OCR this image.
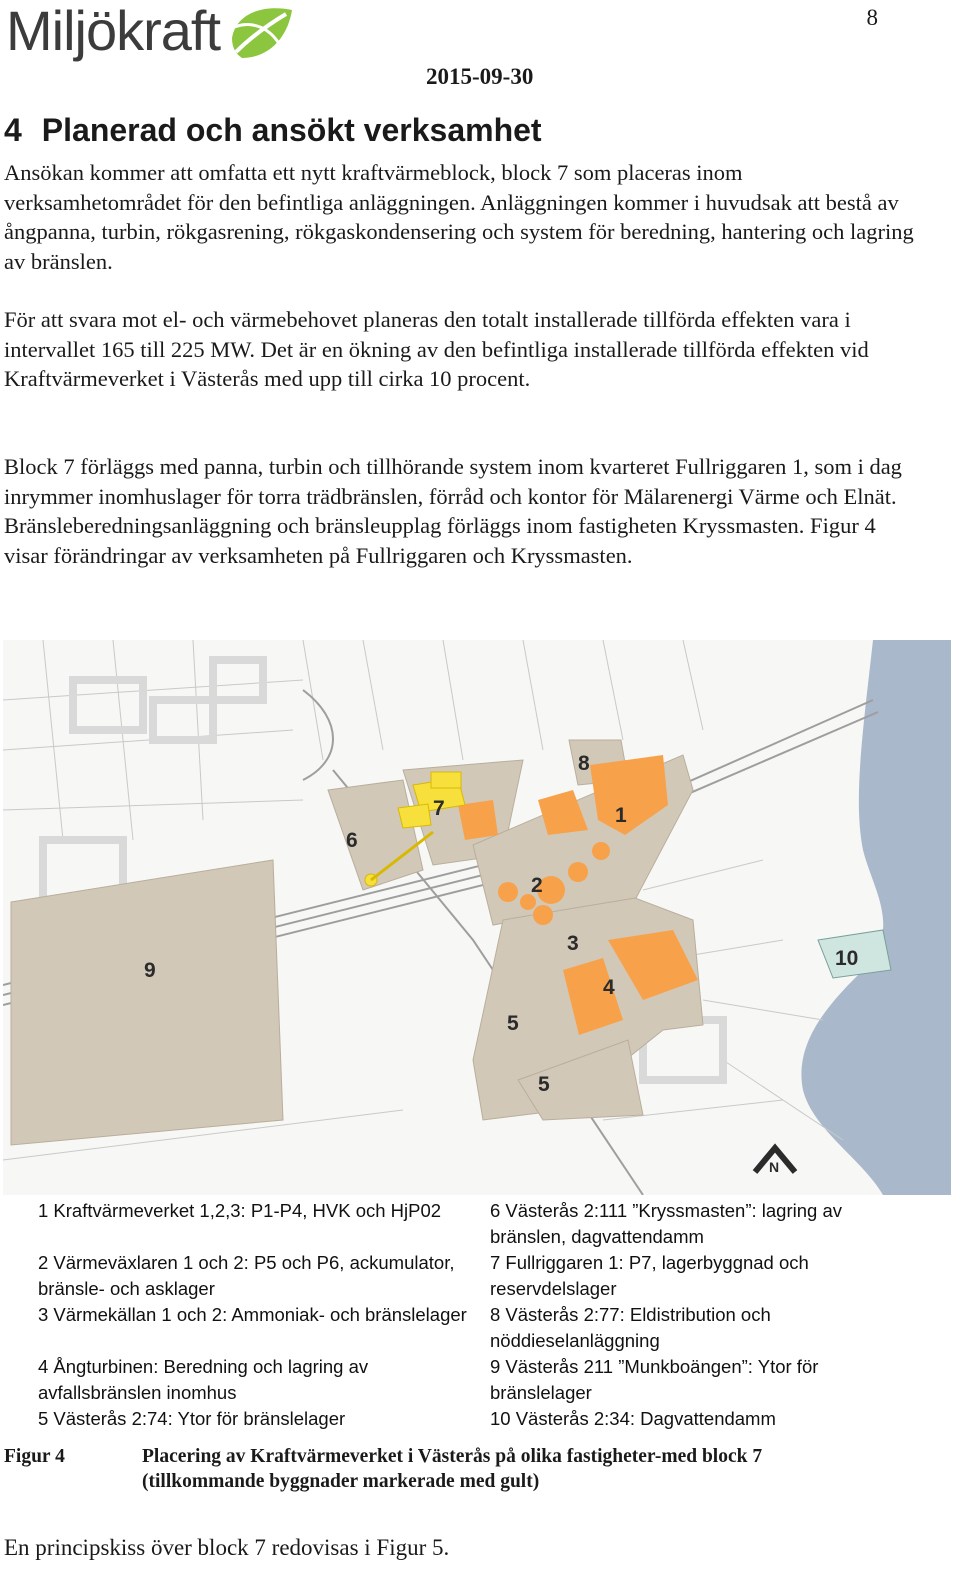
Miljökraft	8
2015-09-30
4 Planerad och ansökt verksamhet

Ansökan kommer att omfatta ett nytt kraftvärmeblock, block 7 som placeras inom verksamhetområdet för den befintliga anläggningen. Anläggningen kommer i huvudsak att bestå av ångpanna, turbin, rökgasrening, rökgaskondensering och system för beredning, hantering och lagring av bränslen.

För att svara mot el- och värmebehovet planeras den totalt installerade tillförda effekten vara i intervallet 165 till 225 MW. Det är en ökning av den befintliga installerade tillförda effekten vid Kraftvärmeverket i Västerås med upp till cirka 10 procent.

Block 7 förläggs med panna, turbin och tillhörande system inom kvarteret Fullriggaren 1, som i dag inrymmer inomhuslager för torra trädbränslen, förråd och kontor för Mälarenergi Värme och Elnät. Bränsleberedningsanläggning och bränsleupplag förläggs inom fastigheten Kryssmasten. Figur 4 visar förändringar av verksamheten på Fullriggaren och Kryssmasten.

1
2
3
4
5
5
6
7
8
9
10
N

1 Kraftvärmeverket 1,2,3: P1-P4, HVK och HjP02

2 Värmeväxlaren 1 och 2: P5 och P6, ackumulator, bränsle- och asklager

3 Värmekällan 1 och 2: Ammoniak- och bränslelager

4 Ångturbinen: Beredning och lagring av avfallsbränslen inomhus

5 Västerås 2:74: Ytor för bränslelager

6 Västerås 2:111 ”Kryssmasten”: lagring av bränslen, dagvattendamm

7 Fullriggaren 1: P7, lagerbyggnad och reservdelslager

8 Västerås 2:77: Eldistribution och nöddieselanläggning

9 Västerås 211 ”Munkboängen”: Ytor för bränslelager

10 Västerås 2:34: Dagvattendamm

Figur 4	Placering av Kraftvärmeverket i Västerås på olika fastigheter-med block 7 (tillkommande byggnader markerade med gult)

En principskiss över block 7 redovisas i Figur 5.
